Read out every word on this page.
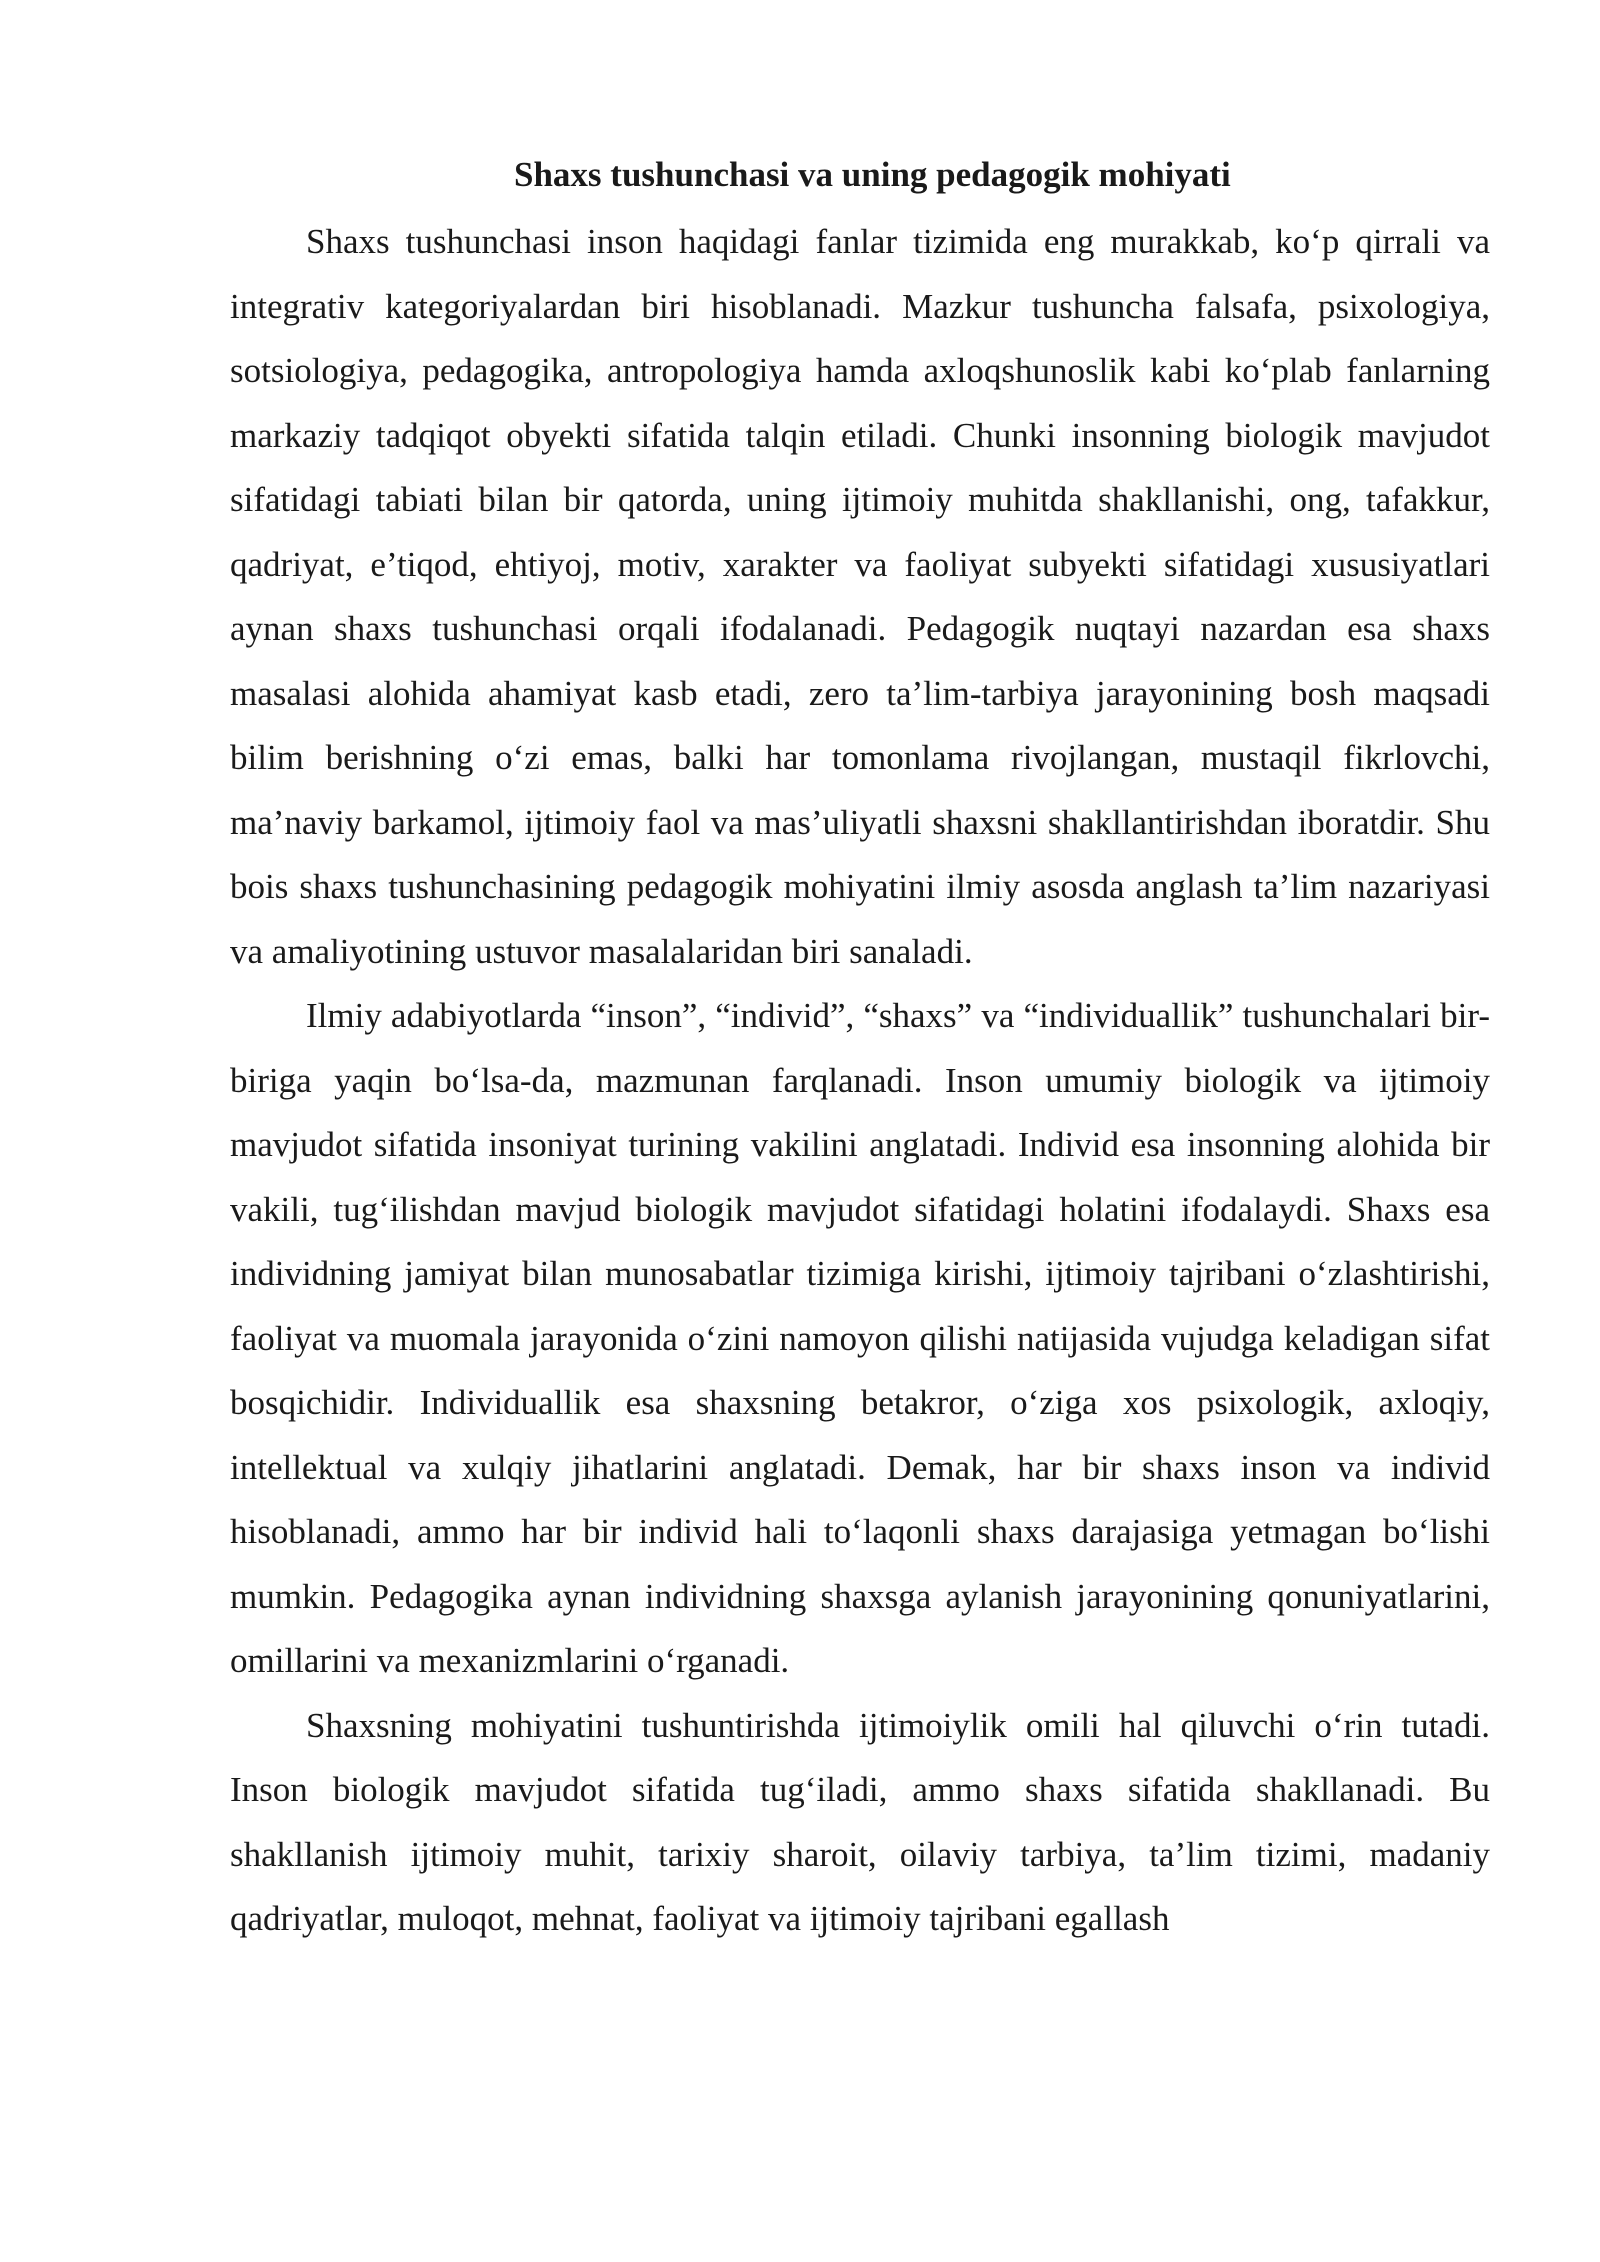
Shaxs tushunchasi va uning pedagogik mohiyati

Shaxs tushunchasi inson haqidagi fanlar tizimida eng murakkab, ko‘p qirrali va integrativ kategoriyalardan biri hisoblanadi. Mazkur tushuncha falsafa, psixologiya, sotsiologiya, pedagogika, antropologiya hamda axloqshunoslik kabi ko‘plab fanlarning markaziy tadqiqot obyekti sifatida talqin etiladi. Chunki insonning biologik mavjudot sifatidagi tabiati bilan bir qatorda, uning ijtimoiy muhitda shakllanishi, ong, tafakkur, qadriyat, e’tiqod, ehtiyoj, motiv, xarakter va faoliyat subyekti sifatidagi xususiyatlari aynan shaxs tushunchasi orqali ifodalanadi. Pedagogik nuqtayi nazardan esa shaxs masalasi alohida ahamiyat kasb etadi, zero ta’lim-tarbiya jarayonining bosh maqsadi bilim berishning o‘zi emas, balki har tomonlama rivojlangan, mustaqil fikrlovchi, ma’naviy barkamol, ijtimoiy faol va mas’uliyatli shaxsni shakllantirishdan iboratdir. Shu bois shaxs tushunchasining pedagogik mohiyatini ilmiy asosda anglash ta’lim nazariyasi va amaliyotining ustuvor masalalaridan biri sanaladi.

Ilmiy adabiyotlarda “inson”, “individ”, “shaxs” va “individuallik” tushunchalari bir-biriga yaqin bo‘lsa-da, mazmunan farqlanadi. Inson umumiy biologik va ijtimoiy mavjudot sifatida insoniyat turining vakilini anglatadi. Individ esa insonning alohida bir vakili, tug‘ilishdan mavjud biologik mavjudot sifatidagi holatini ifodalaydi. Shaxs esa individning jamiyat bilan munosabatlar tizimiga kirishi, ijtimoiy tajribani o‘zlashtirishi, faoliyat va muomala jarayonida o‘zini namoyon qilishi natijasida vujudga keladigan sifat bosqichidir. Individuallik esa shaxsning betakror, o‘ziga xos psixologik, axloqiy, intellektual va xulqiy jihatlarini anglatadi. Demak, har bir shaxs inson va individ hisoblanadi, ammo har bir individ hali to‘laqonli shaxs darajasiga yetmagan bo‘lishi mumkin. Pedagogika aynan individning shaxsga aylanish jarayonining qonuniyatlarini, omillarini va mexanizmlarini o‘rganadi.

Shaxsning mohiyatini tushuntirishda ijtimoiylik omili hal qiluvchi o‘rin tutadi. Inson biologik mavjudot sifatida tug‘iladi, ammo shaxs sifatida shakllanadi. Bu shakllanish ijtimoiy muhit, tarixiy sharoit, oilaviy tarbiya, ta’lim tizimi, madaniy qadriyatlar, muloqot, mehnat, faoliyat va ijtimoiy tajribani egallash
